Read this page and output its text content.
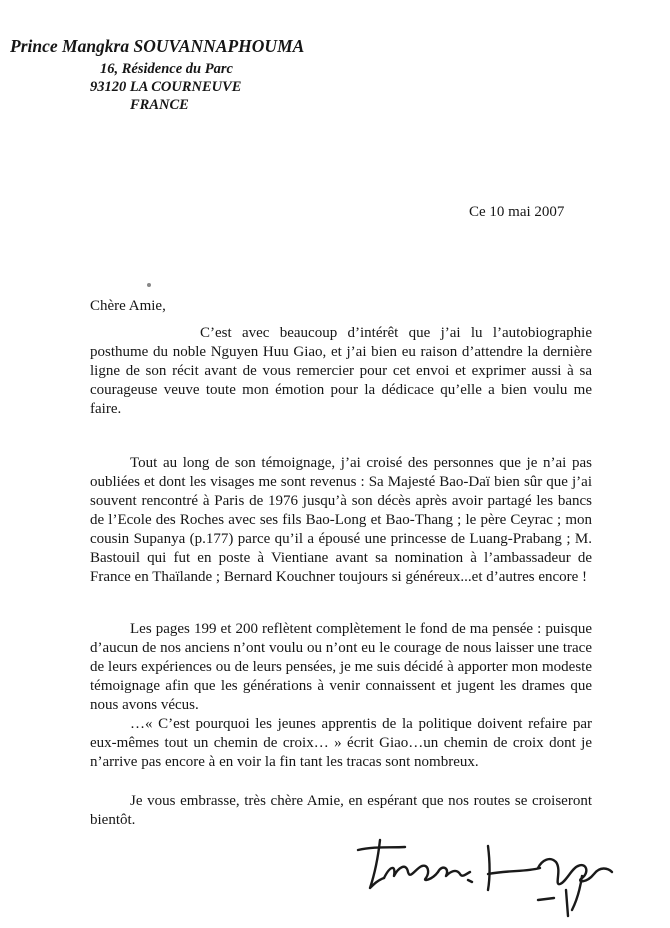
Prince Mangkra SOUVANNAPHOUMA
16, Résidence du Parc
93120 LA COURNEUVE
FRANCE
Ce 10 mai 2007
Chère Amie,

C’est avec beaucoup d’intérêt que j’ai lu l’autobiographie posthume du noble Nguyen Huu Giao, et j’ai bien eu raison d’attendre la dernière ligne de son récit avant de vous remercier pour cet envoi et exprimer aussi à sa courageuse veuve toute mon émotion pour la dédicace qu’elle a bien voulu me faire.

Tout au long de son témoignage, j’ai croisé des personnes que je n’ai pas oubliées et dont les visages me sont revenus : Sa Majesté Bao-Daï bien sûr que j’ai souvent rencontré à Paris de 1976 jusqu’à son décès après avoir partagé les bancs de l’Ecole des Roches avec ses fils Bao-Long et Bao-Thang ; le père Ceyrac ; mon cousin Supanya (p.177) parce qu’il a épousé une princesse de Luang-Prabang ; M. Bastouil qui fut en poste à Vientiane avant sa nomination à l’ambassadeur de France en Thaïlande ; Bernard Kouchner toujours si généreux...et d’autres encore !

Les pages 199 et 200 reflètent complètement le fond de ma pensée : puisque d’aucun de nos anciens n’ont voulu ou n’ont eu le courage de nous laisser une trace de leurs expériences ou de leurs pensées, je me suis décidé à apporter mon modeste témoignage afin que les générations à venir connaissent et jugent les drames que nous avons vécus.

…« C’est pourquoi les jeunes apprentis de la politique doivent refaire par eux-mêmes tout un chemin de croix… » écrit Giao…un chemin de croix dont je n’arrive pas encore à en voir la fin tant les tracas sont nombreux.

Je vous embrasse, très chère Amie, en espérant que nos routes se croiseront bientôt.
